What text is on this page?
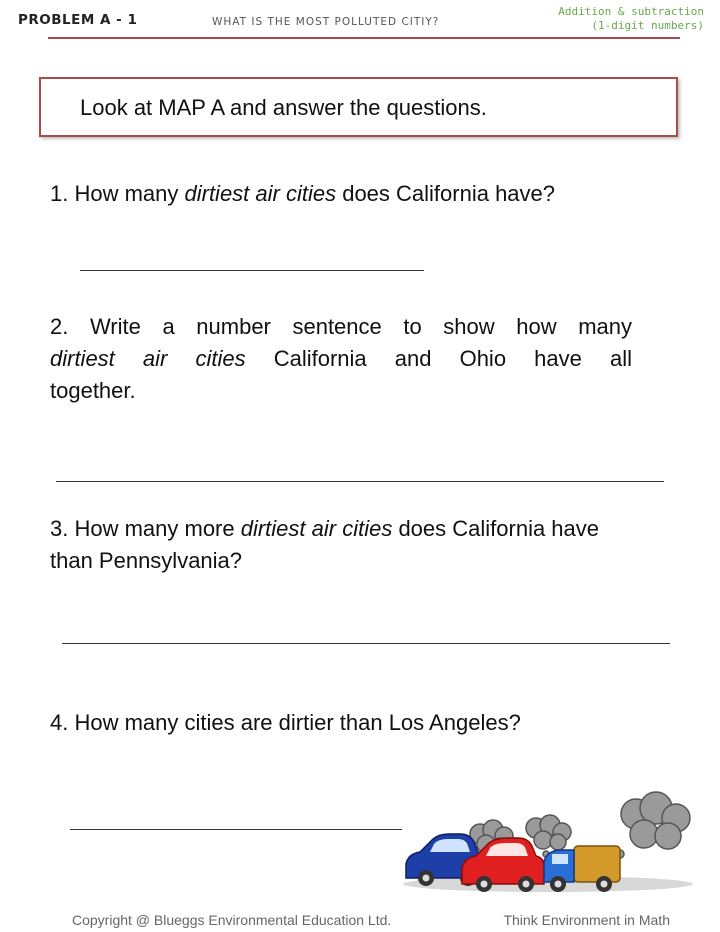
PROBLEM A - 1	WHAT IS THE MOST POLLUTED CITIY?
Addition & subtraction
(1-digit numbers)
Look at MAP A and answer the questions.
1. How many dirtiest air cities does California have?
2. Write a number sentence to show how many
dirtiest air cities California and Ohio have all
together.
3. How many more dirtiest air cities does California have
than Pennsylvania?
4. How many cities are dirtier than Los Angeles?
Copyright @ Blueggs Environmental Education Ltd.	Think Environment in Math
